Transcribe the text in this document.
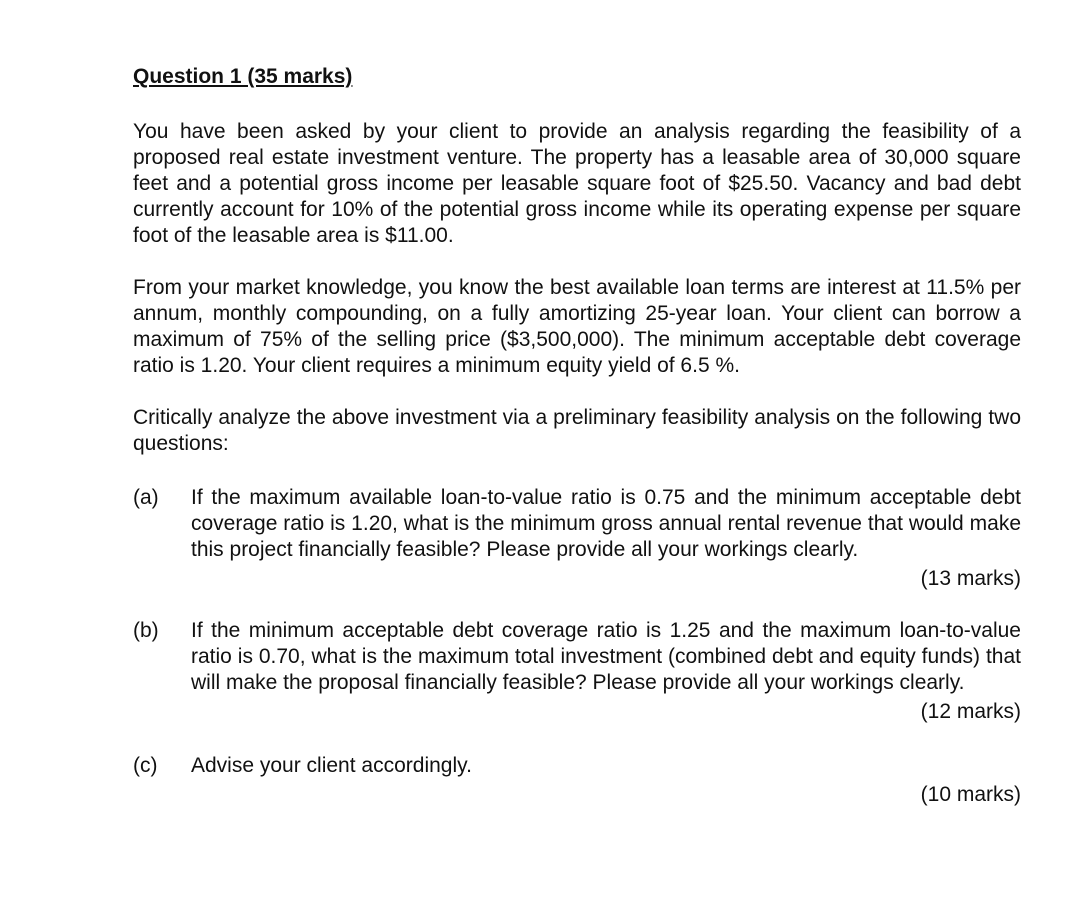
Question 1 (35 marks)

You have been asked by your client to provide an analysis regarding the feasibility of a proposed real estate investment venture. The property has a leasable area of 30,000 square feet and a potential gross income per leasable square foot of $25.50. Vacancy and bad debt currently account for 10% of the potential gross income while its operating expense per square foot of the leasable area is $11.00.

From your market knowledge, you know the best available loan terms are interest at 11.5% per annum, monthly compounding, on a fully amortizing 25-year loan. Your client can borrow a maximum of 75% of the selling price ($3,500,000). The minimum acceptable debt coverage ratio is 1.20. Your client requires a minimum equity yield of 6.5 %.

Critically analyze the above investment via a preliminary feasibility analysis on the following two questions:

(a) If the maximum available loan-to-value ratio is 0.75 and the minimum acceptable debt coverage ratio is 1.20, what is the minimum gross annual rental revenue that would make this project financially feasible? Please provide all your workings clearly.

(13 marks)

(b) If the minimum acceptable debt coverage ratio is 1.25 and the maximum loan-to-value ratio is 0.70, what is the maximum total investment (combined debt and equity funds) that will make the proposal financially feasible? Please provide all your workings clearly.

(12 marks)

(c) Advise your client accordingly.

(10 marks)
